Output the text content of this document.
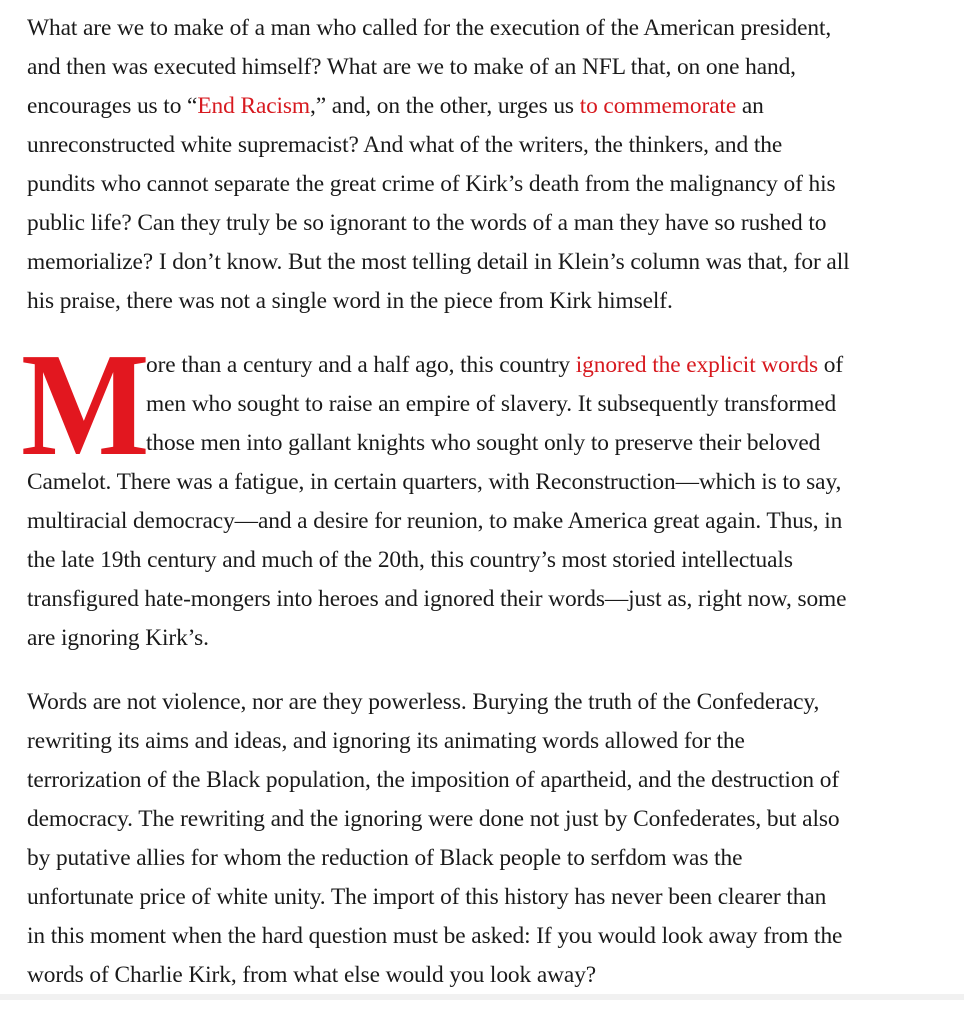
What are we to make of a man who called for the execution of the American president,
and then was executed himself? What are we to make of an NFL that, on one hand,
encourages us to “End Racism,” and, on the other, urges us to commemorate an
unreconstructed white supremacist? And what of the writers, the thinkers, and the
pundits who cannot separate the great crime of Kirk’s death from the malignancy of his
public life? Can they truly be so ignorant to the words of a man they have so rushed to
memorialize? I don’t know. But the most telling detail in Klein’s column was that, for all
his praise, there was not a single word in the piece from Kirk himself.

M
ore than a century and a half ago, this country ignored the explicit words of
men who sought to raise an empire of slavery. It subsequently transformed
those men into gallant knights who sought only to preserve their beloved
Camelot. There was a fatigue, in certain quarters, with Reconstruction—which is to say,
multiracial democracy—and a desire for reunion, to make America great again. Thus, in
the late 19th century and much of the 20th, this country’s most storied intellectuals
transfigured hate-mongers into heroes and ignored their words—just as, right now, some
are ignoring Kirk’s.

Words are not violence, nor are they powerless. Burying the truth of the Confederacy,
rewriting its aims and ideas, and ignoring its animating words allowed for the
terrorization of the Black population, the imposition of apartheid, and the destruction of
democracy. The rewriting and the ignoring were done not just by Confederates, but also
by putative allies for whom the reduction of Black people to serfdom was the
unfortunate price of white unity. The import of this history has never been clearer than
in this moment when the hard question must be asked: If you would look away from the
words of Charlie Kirk, from what else would you look away?
